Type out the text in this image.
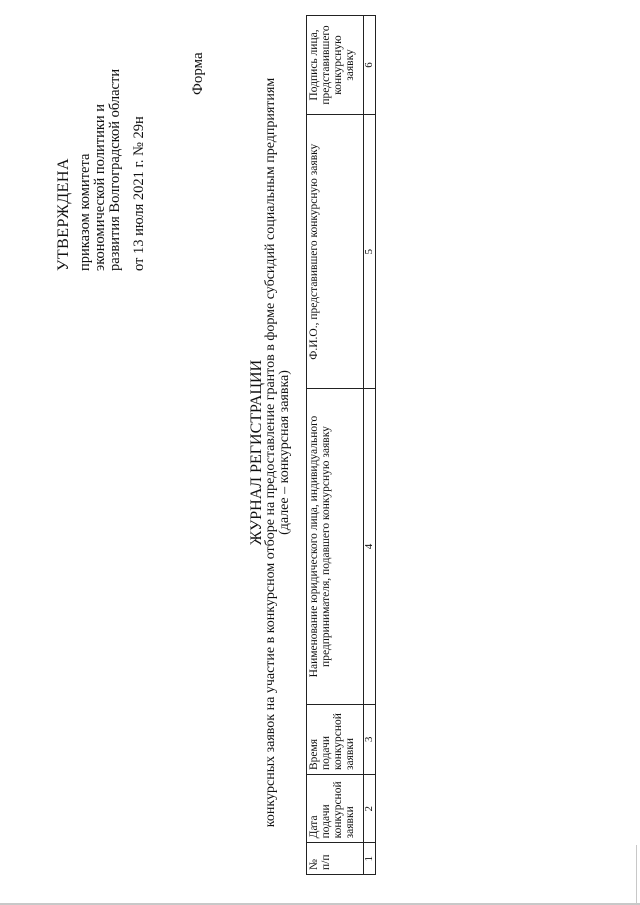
УТВЕРЖДЕНА приказом комитета экономической политики и развития Волгоградской области от 13 июля 2021 г. № 29н
Форма
ЖУРНАЛ РЕГИСТРАЦИИ
конкурсных заявок на участие в конкурсном отборе на предоставление грантов в форме субсидий социальным предприятиям (далее – конкурсная заявка)
№ п/п	Дата подачи конкурсной заявки	Время подачи конкурсной заявки	Наименование юридического лица, индивидуального предпринимателя, подавшего конкурсную заявку	Ф.И.О., представившего конкурсную заявку	Подпись лица, представившего конкурсную заявку

1	2	3	4	5	6
